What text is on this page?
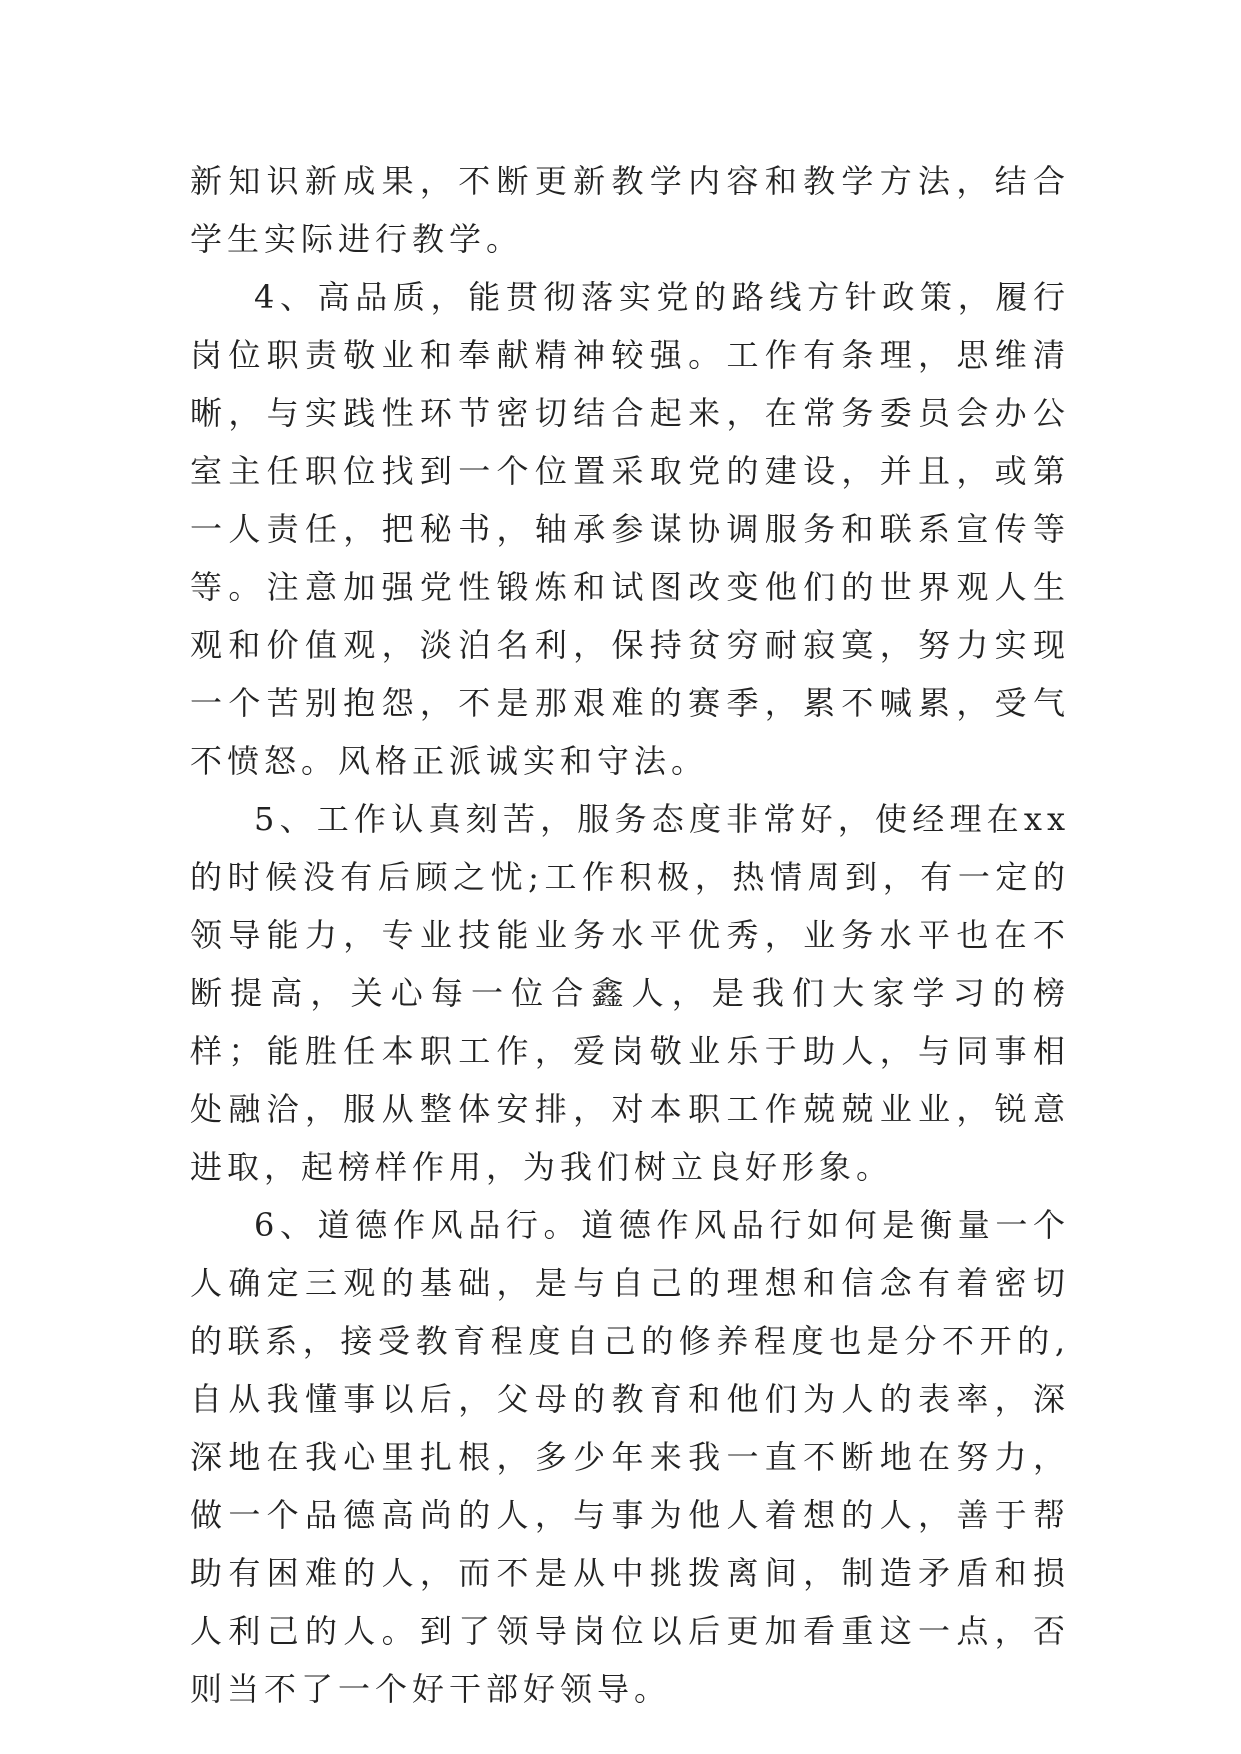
新知识新成果，不断更新教学内容和教学方法，结合学生实际进行教学。

4、高品质，能贯彻落实党的路线方针政策，履行岗位职责敬业和奉献精神较强。工作有条理，思维清晰，与实践性环节密切结合起来，在常务委员会办公室主任职位找到一个位置采取党的建设，并且，或第一人责任，把秘书，轴承参谋协调服务和联系宣传等等。注意加强党性锻炼和试图改变他们的世界观人生观和价值观，淡泊名利，保持贫穷耐寂寞，努力实现一个苦别抱怨，不是那艰难的赛季，累不喊累，受气不愤怒。风格正派诚实和守法。

5、工作认真刻苦，服务态度非常好，使经理在xx的时候没有后顾之忧;工作积极，热情周到，有一定的领导能力，专业技能业务水平优秀，业务水平也在不断提高，关心每一位合鑫人，是我们大家学习的榜样；能胜任本职工作，爱岗敬业乐于助人，与同事相处融洽，服从整体安排，对本职工作兢兢业业，锐意进取，起榜样作用，为我们树立良好形象。

6、道德作风品行。道德作风品行如何是衡量一个人确定三观的基础，是与自己的理想和信念有着密切的联系，接受教育程度自己的修养程度也是分不开的,自从我懂事以后，父母的教育和他们为人的表率，深深地在我心里扎根，多少年来我一直不断地在努力，做一个品德高尚的人，与事为他人着想的人，善于帮助有困难的人，而不是从中挑拨离间，制造矛盾和损人利己的人。到了领导岗位以后更加看重这一点，否则当不了一个好干部好领导。
